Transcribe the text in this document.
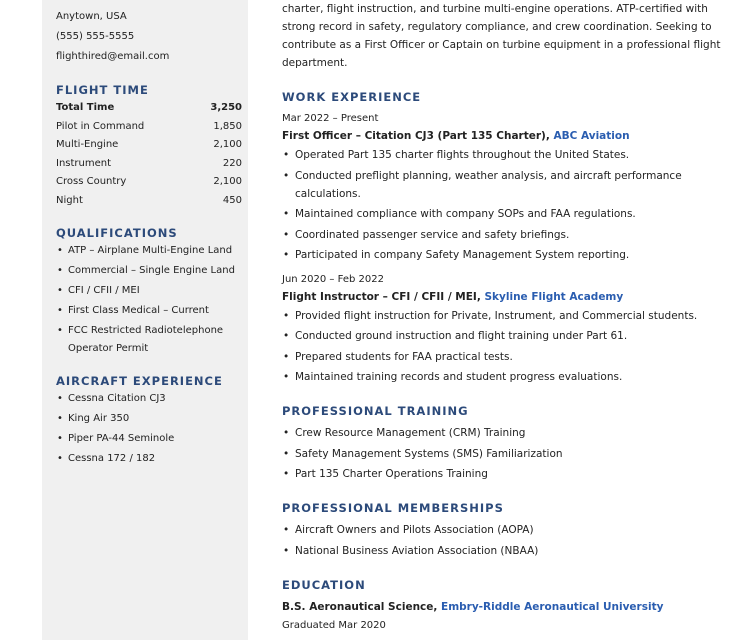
Anytown, USA
(555) 555-5555
flighthired@email.com
FLIGHT TIME
Total Time	3,250
Pilot in Command	1,850
Multi-Engine	2,100
Instrument	220
Cross Country	2,100
Night	450
QUALIFICATIONS
• ATP – Airplane Multi-Engine Land
• Commercial – Single Engine Land
• CFI / CFII / MEI
• First Class Medical – Current
• FCC Restricted Radiotelephone Operator Permit
AIRCRAFT EXPERIENCE
• Cessna Citation CJ3
• King Air 350
• Piper PA-44 Seminole
• Cessna 172 / 182

charter, flight instruction, and turbine multi-engine operations. ATP-certified with strong record in safety, regulatory compliance, and crew coordination. Seeking to contribute as a First Officer or Captain on turbine equipment in a professional flight department.

WORK EXPERIENCE
Mar 2022 – Present
First Officer – Citation CJ3 (Part 135 Charter), ABC Aviation
• Operated Part 135 charter flights throughout the United States.
• Conducted preflight planning, weather analysis, and aircraft performance calculations.
• Maintained compliance with company SOPs and FAA regulations.
• Coordinated passenger service and safety briefings.
• Participated in company Safety Management System reporting.
Jun 2020 – Feb 2022
Flight Instructor – CFI / CFII / MEI, Skyline Flight Academy
• Provided flight instruction for Private, Instrument, and Commercial students.
• Conducted ground instruction and flight training under Part 61.
• Prepared students for FAA practical tests.
• Maintained training records and student progress evaluations.
PROFESSIONAL TRAINING
• Crew Resource Management (CRM) Training
• Safety Management Systems (SMS) Familiarization
• Part 135 Charter Operations Training
PROFESSIONAL MEMBERSHIPS
• Aircraft Owners and Pilots Association (AOPA)
• National Business Aviation Association (NBAA)
EDUCATION
B.S. Aeronautical Science, Embry-Riddle Aeronautical University
Graduated Mar 2020
